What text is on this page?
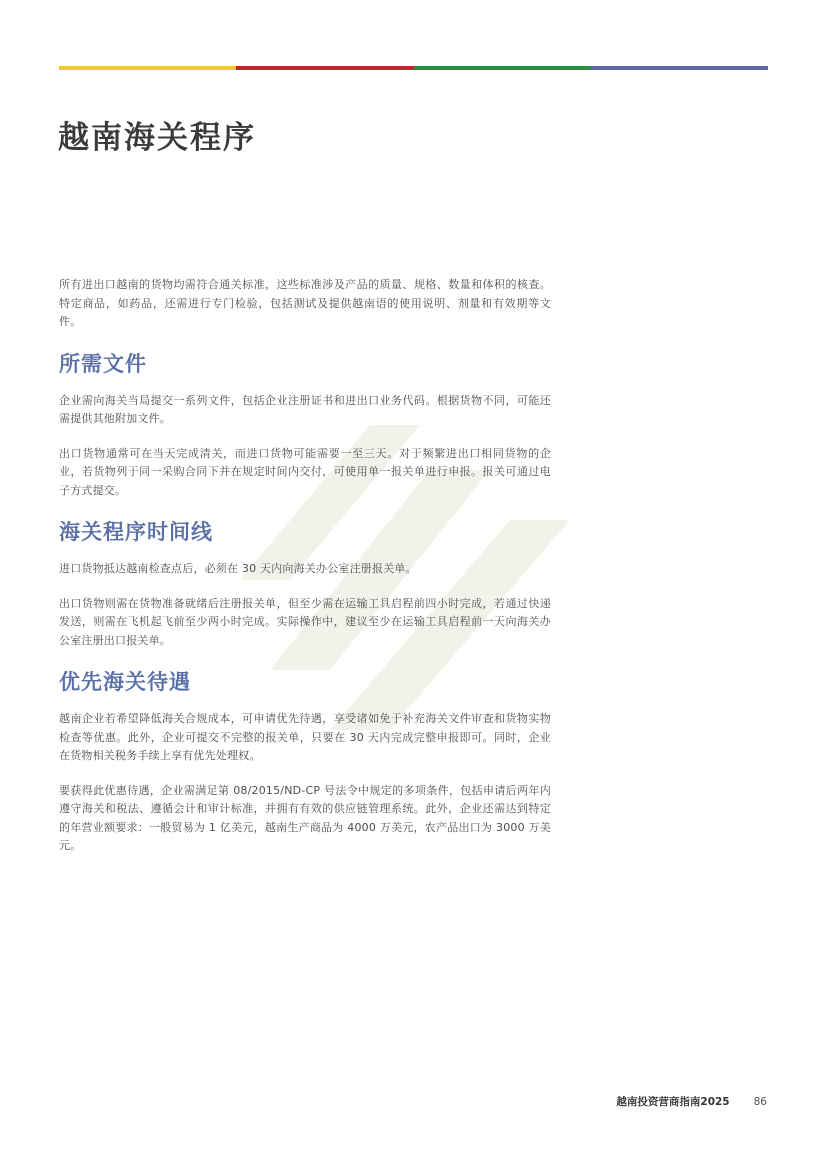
越南海关程序

所有进出口越南的货物均需符合通关标准，这些标准涉及产品的质量、规格、数量和体积的核查。特定商品，如药品，还需进行专门检验，包括测试及提供越南语的使用说明、剂量和有效期等文件。

所需文件

企业需向海关当局提交一系列文件，包括企业注册证书和进出口业务代码。根据货物不同，可能还需提供其他附加文件。

出口货物通常可在当天完成清关，而进口货物可能需要一至三天。对于频繁进出口相同货物的企业，若货物列于同一采购合同下并在规定时间内交付，可使用单一报关单进行申报。报关可通过电子方式提交。

海关程序时间线

进口货物抵达越南检查点后，必须在 30 天内向海关办公室注册报关单。

出口货物则需在货物准备就绪后注册报关单，但至少需在运输工具启程前四小时完成，若通过快递发送，则需在飞机起飞前至少两小时完成。实际操作中，建议至少在运输工具启程前一天向海关办公室注册出口报关单。

优先海关待遇

越南企业若希望降低海关合规成本，可申请优先待遇，享受诸如免于补充海关文件审查和货物实物检查等优惠。此外，企业可提交不完整的报关单，只要在 30 天内完成完整申报即可。同时，企业在货物相关税务手续上享有优先处理权。

要获得此优惠待遇，企业需满足第 08/2015/ND-CP 号法令中规定的多项条件，包括申请后两年内遵守海关和税法、遵循会计和审计标准，并拥有有效的供应链管理系统。此外，企业还需达到特定的年营业额要求：一般贸易为 1 亿美元，越南生产商品为 4000 万美元，农产品出口为 3000 万美元。

越南投资营商指南2025 86
